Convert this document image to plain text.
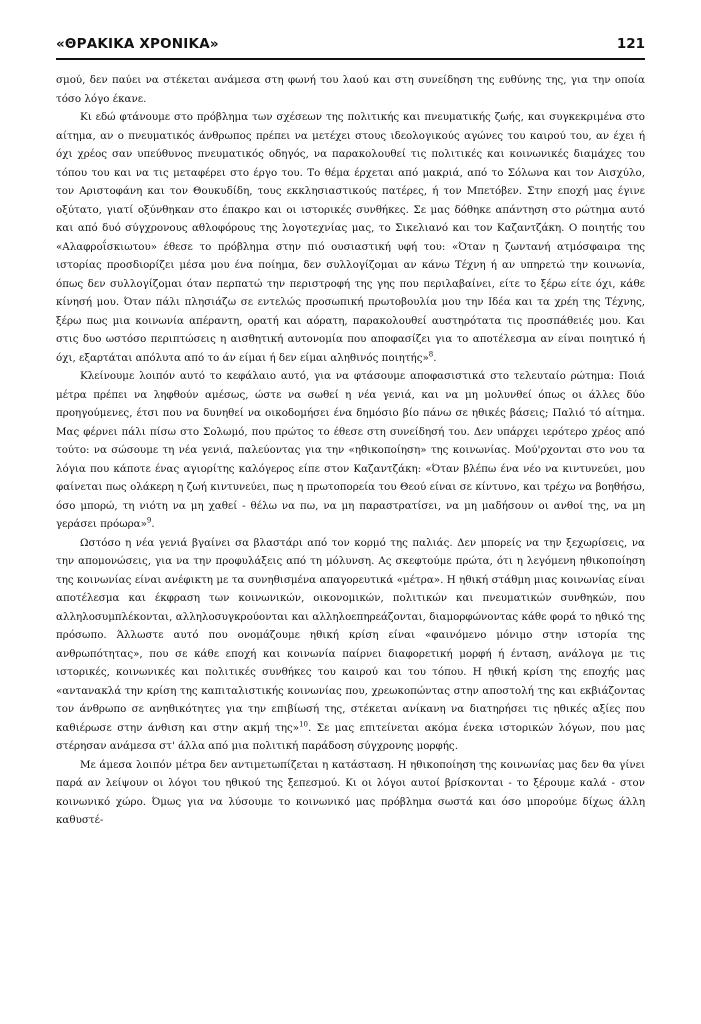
«ΘΡΑΚΙΚΑ ΧΡΟΝΙΚΑ»	121

σμού, δεν παύει να στέκεται ανάμεσα στη φωνή του λαού και στη συνείδηση της ευθύνης της, για την οποία τόσο λόγο έκανε.

Κι εδώ φτάνουμε στο πρόβλημα των σχέσεων της πολιτικής και πνευματικής ζωής, και συγκεκριμένα στο αίτημα, αν ο πνευματικός άνθρωπος πρέπει να μετέχει στους ιδεολογικούς αγώνες του καιρού του, αν έχει ή όχι χρέος σαν υπεύθυνος πνευματικός οδηγός, να παρακολουθεί τις πολιτικές και κοινωνικές διαμάχες του τόπου του και να τις μεταφέρει στο έργο του. Το θέμα έρχεται από μακριά, από το Σόλωνα και τον Αισχύλο, τον Αριστοφάνη και τον Θουκυδίδη, τους εκκλησιαστικούς πατέρες, ή τον Μπετόβεν. Στην εποχή μας έγινε οξύτατο, γιατί οξύνθηκαν στο έπακρο και οι ιστορικές συνθήκες. Σε μας δόθηκε απάντηση στο ρώτημα αυτό και από δυό σύγχρονους αθλοφόρους της λογοτεχνίας μας, το Σικελιανό και τον Καζαντζάκη. Ο ποιητής του «Αλαφροΐσκιωτου» έθεσε το πρόβλημα στην πιό ουσιαστική υφή του: «Όταν η ζωντανή ατμόσφαιρα της ιστορίας προσδιορίζει μέσα μου ένα ποίημα, δεν συλλογίζομαι αν κάνω Τέχνη ή αν υπηρετώ την κοινωνία, όπως δεν συλλογίζομαι όταν περπατώ την περιστροφή της γης που περιλαβαίνει, είτε το ξέρω είτε όχι, κάθε κίνησή μου. Όταν πάλι πλησιάζω σε εντελώς προσωπική πρωτοβουλία μου την Ιδέα και τα χρέη της Τέχνης, ξέρω πως μια κοινωνία απέραντη, ορατή και αόρατη, παρακολουθεί αυστηρότατα τις προσπάθειές μου. Και στις δυο ωστόσο περιπτώσεις η αισθητική αυτονομία που αποφασίζει για το αποτέλεσμα αν είναι ποιητικό ή όχι, εξαρτάται απόλυτα από το άν είμαι ή δεν είμαι αληθινός ποιητής»$^8$.

Κλείνουμε λοιπόν αυτό το κεφάλαιο αυτό, για να φτάσουμε αποφασιστικά στο τελευταίο ρώτημα: Ποιά μέτρα πρέπει να ληφθούν αμέσως, ώστε να σωθεί η νέα γενιά, και να μη μολυνθεί όπως οι άλλες δύο προηγούμενες, έτσι που να δυνηθεί να οικοδομήσει ένα δημόσιο βίο πάνω σε ηθικές βάσεις; Παλιό τό αίτημα. Μας φέρνει πάλι πίσω στο Σολωμό, που πρώτος το έθεσε στη συνείδησή του. Δεν υπάρχει ιερότερο χρέος από τούτο: να σώσουμε τη νέα γενιά, παλεύοντας για την «ηθικοποίηση» της κοινωνίας. Μού'ρχονται στο νου τα λόγια που κάποτε ένας αγιορίτης καλόγερος είπε στον Καζαντζάκη: «Όταν βλέπω ένα νέο να κιντυνεύει, μου φαίνεται πως ολάκερη η ζωή κιντυνεύει, πως η πρωτοπορεία του Θεού είναι σε κίντυνο, και τρέχω να βοηθήσω, όσο μπορώ, τη νιότη να μη χαθεί - θέλω να πω, να μη παραστρατίσει, να μη μαδήσουν οι ανθοί της, να μη γεράσει πρόωρα»$^9$.

Ωστόσο η νέα γενιά βγαίνει σα βλαστάρι από τον κορμό της παλιάς. Δεν μπορείς να την ξεχωρίσεις, να την απομονώσεις, για να την προφυλάξεις από τη μόλυνση. Ας σκεφτούμε πρώτα, ότι η λεγόμενη ηθικοποίηση της κοινωνίας είναι ανέφικτη με τα συνηθισμένα απαγορευτικά «μέτρα». Η ηθική στάθμη μιας κοινωνίας είναι αποτέλεσμα και έκφραση των κοινωνικών, οικονομικών, πολιτικών και πνευματικών συνθηκών, που αλληλοσυμπλέκονται, αλληλοσυγκρούονται και αλληλοεπηρεάζονται, διαμορφώνοντας κάθε φορά το ηθικό της πρόσωπο. Άλλωστε αυτό που ονομάζουμε ηθική κρίση είναι «φαινόμενο μόνιμο στην ιστορία της ανθρωπότητας», που σε κάθε εποχή και κοινωνία παίρνει διαφορετική μορφή ή ένταση, ανάλογα με τις ιστορικές, κοινωνικές και πολιτικές συνθήκες του καιρού και του τόπου. Η ηθική κρίση της εποχής μας «αντανακλά την κρίση της καπιταλιστικής κοινωνίας που, χρεωκοπώντας στην αποστολή της και εκβιάζοντας τον άνθρωπο σε ανηθικότητες για την επιβίωσή της, στέκεται ανίκανη να διατηρήσει τις ηθικές αξίες που καθιέρωσε στην άνθιση και στην ακμή της»$^{10}$. Σε μας επιτείνεται ακόμα ένεκα ιστορικών λόγων, που μας στέρησαν ανάμεσα στ' άλλα από μια πολιτική παράδοση σύγχρονης μορφής.

Με άμεσα λοιπόν μέτρα δεν αντιμετωπίζεται η κατάσταση. Η ηθικοποίηση της κοινωνίας μας δεν θα γίνει παρά αν λείψουν οι λόγοι του ηθικού της ξεπεσμού. Κι οι λόγοι αυτοί βρίσκονται - το ξέρουμε καλά - στον κοινωνικό χώρο. Όμως για να λύσουμε το κοινωνικό μας πρόβλημα σωστά και όσο μπορούμε δίχως άλλη καθυστέ-
